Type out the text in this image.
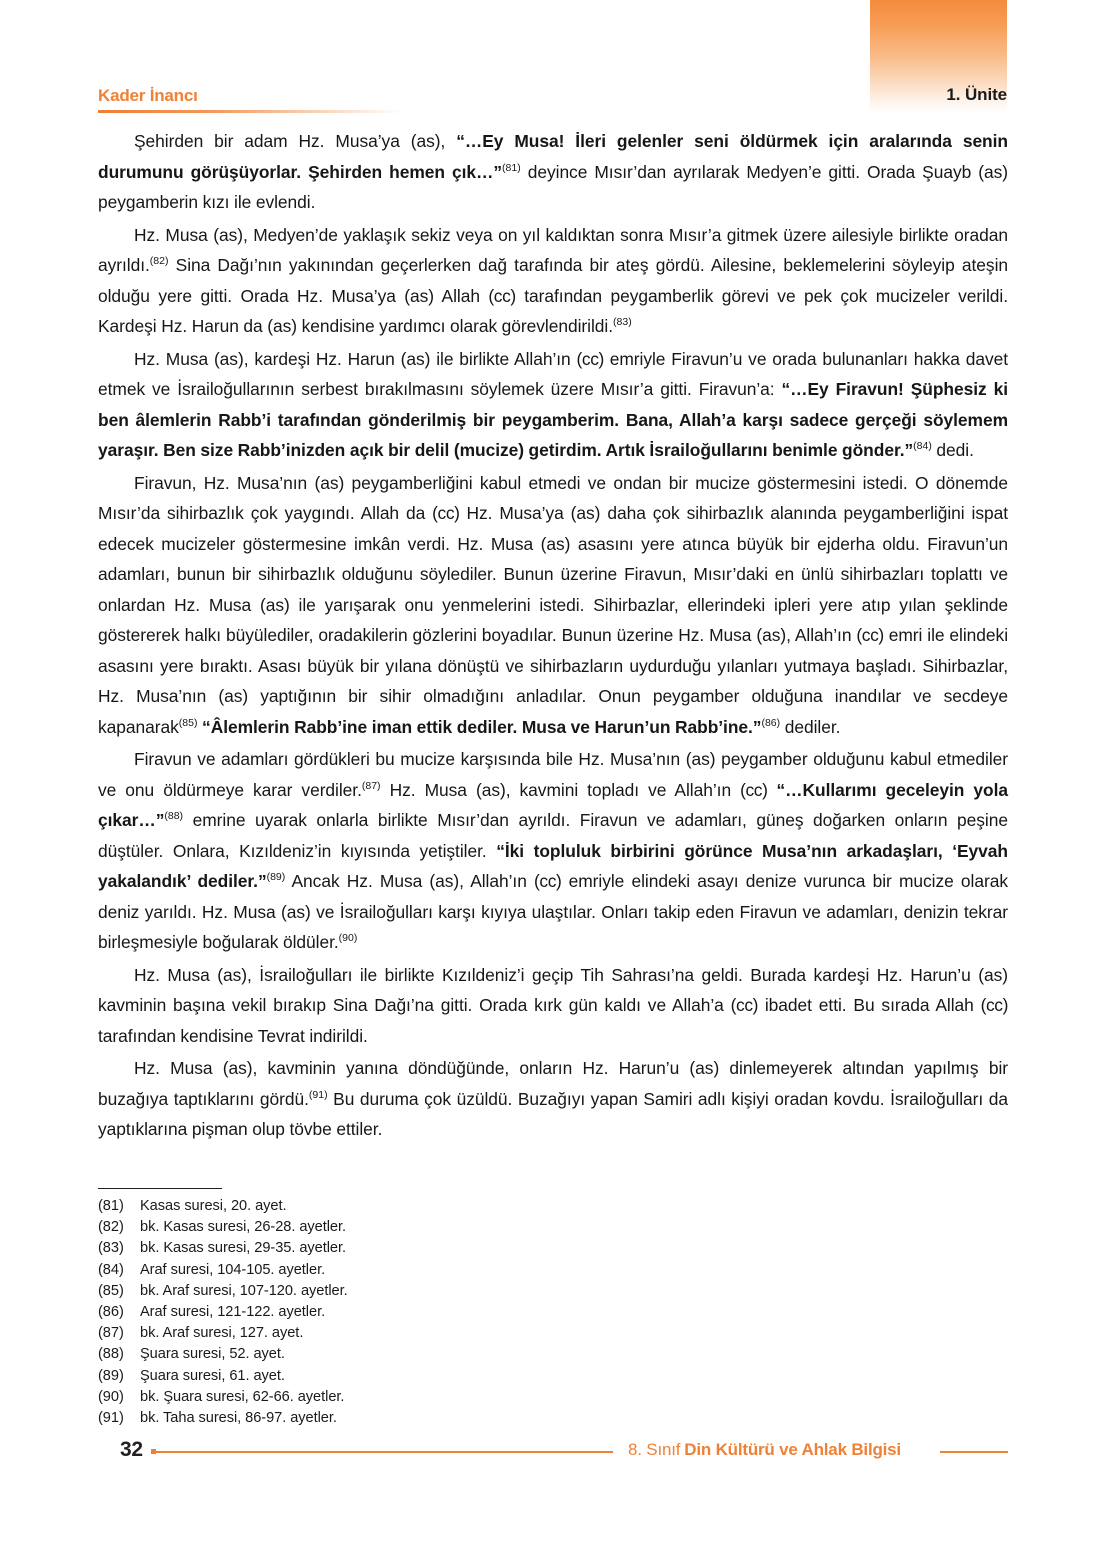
1. Ünite
Kader İnancı

Şehirden bir adam Hz. Musa’ya (as), “…Ey Musa! İleri gelenler seni öldürmek için aralarında senin durumunu görüşüyorlar. Şehirden hemen çık…”$^{(81)}$ deyince Mısır’dan ayrılarak Medyen’e gitti. Orada Şuayb (as) peygamberin kızı ile evlendi.

Hz. Musa (as), Medyen’de yaklaşık sekiz veya on yıl kaldıktan sonra Mısır’a gitmek üzere ailesiyle birlikte oradan ayrıldı.$^{(82)}$ Sina Dağı’nın yakınından geçerlerken dağ tarafında bir ateş gördü. Ailesine, beklemelerini söyleyip ateşin olduğu yere gitti. Orada Hz. Musa’ya (as) Allah (cc) tarafından peygamberlik görevi ve pek çok mucizeler verildi. Kardeşi Hz. Harun da (as) kendisine yardımcı olarak görevlendirildi.$^{(83)}$

Hz. Musa (as), kardeşi Hz. Harun (as) ile birlikte Allah’ın (cc) emriyle Firavun’u ve orada bulunanları hakka davet etmek ve İsrailoğullarının serbest bırakılmasını söylemek üzere Mısır’a gitti. Firavun’a: “…Ey Firavun! Şüphesiz ki ben âlemlerin Rabb’i tarafından gönderilmiş bir peygamberim. Bana, Allah’a karşı sadece gerçeği söylemem yaraşır. Ben size Rabb’inizden açık bir delil (mucize) getirdim. Artık İsrailoğullarını benimle gönder.”$^{(84)}$ dedi.

Firavun, Hz. Musa’nın (as) peygamberliğini kabul etmedi ve ondan bir mucize göstermesini istedi. O dönemde Mısır’da sihirbazlık çok yaygındı. Allah da (cc) Hz. Musa’ya (as) daha çok sihirbazlık alanında peygamberliğini ispat edecek mucizeler göstermesine imkân verdi. Hz. Musa (as) asasını yere atınca büyük bir ejderha oldu. Firavun’un adamları, bunun bir sihirbazlık olduğunu söylediler. Bunun üzerine Firavun, Mısır’daki en ünlü sihirbazları toplattı ve onlardan Hz. Musa (as) ile yarışarak onu yenmelerini istedi. Sihirbazlar, ellerindeki ipleri yere atıp yılan şeklinde göstererek halkı büyülediler, oradakilerin gözlerini boyadılar. Bunun üzerine Hz. Musa (as), Allah’ın (cc) emri ile elindeki asasını yere bıraktı. Asası büyük bir yılana dönüştü ve sihirbazların uydurduğu yılanları yutmaya başladı. Sihirbazlar, Hz. Musa’nın (as) yaptığının bir sihir olmadığını anladılar. Onun peygamber olduğuna inandılar ve secdeye kapanarak$^{(85)}$ “Âlemlerin Rabb’ine iman ettik dediler. Musa ve Harun’un Rabb’ine.”$^{(86)}$ dediler.

Firavun ve adamları gördükleri bu mucize karşısında bile Hz. Musa’nın (as) peygamber olduğunu kabul etmediler ve onu öldürmeye karar verdiler.$^{(87)}$ Hz. Musa (as), kavmini topladı ve Allah’ın (cc) “…Kullarımı geceleyin yola çıkar…”$^{(88)}$ emrine uyarak onlarla birlikte Mısır’dan ayrıldı. Firavun ve adamları, güneş doğarken onların peşine düştüler. Onlara, Kızıldeniz’in kıyısında yetiştiler. “İki topluluk birbirini görünce Musa’nın arkadaşları, ‘Eyvah yakalandık’ dediler.”$^{(89)}$ Ancak Hz. Musa (as), Allah’ın (cc) emriyle elindeki asayı denize vurunca bir mucize olarak deniz yarıldı. Hz. Musa (as) ve İsrailoğulları karşı kıyıya ulaştılar. Onları takip eden Firavun ve adamları, denizin tekrar birleşmesiyle boğularak öldüler.$^{(90)}$

Hz. Musa (as), İsrailoğulları ile birlikte Kızıldeniz’i geçip Tih Sahrası’na geldi. Burada kardeşi Hz. Harun’u (as) kavminin başına vekil bırakıp Sina Dağı’na gitti. Orada kırk gün kaldı ve Allah’a (cc) ibadet etti. Bu sırada Allah (cc) tarafından kendisine Tevrat indirildi.

Hz. Musa (as), kavminin yanına döndüğünde, onların Hz. Harun’u (as) dinlemeyerek altından yapılmış bir buzağıya taptıklarını gördü.$^{(91)}$ Bu duruma çok üzüldü. Buzağıyı yapan Samiri adlı kişiyi oradan kovdu. İsrailoğulları da yaptıklarına pişman olup tövbe ettiler.

(81)	Kasas suresi, 20. ayet.
(82)	bk. Kasas suresi, 26-28. ayetler.
(83)	bk. Kasas suresi, 29-35. ayetler.
(84)	Araf suresi, 104-105. ayetler.
(85)	bk. Araf suresi, 107-120. ayetler.
(86)	Araf suresi, 121-122. ayetler.
(87)	bk. Araf suresi, 127. ayet.
(88)	Şuara suresi, 52. ayet.
(89)	Şuara suresi, 61. ayet.
(90)	bk. Şuara suresi, 62-66. ayetler.
(91)	bk. Taha suresi, 86-97. ayetler.
32	8. Sınıf Din Kültürü ve Ahlak Bilgisi
